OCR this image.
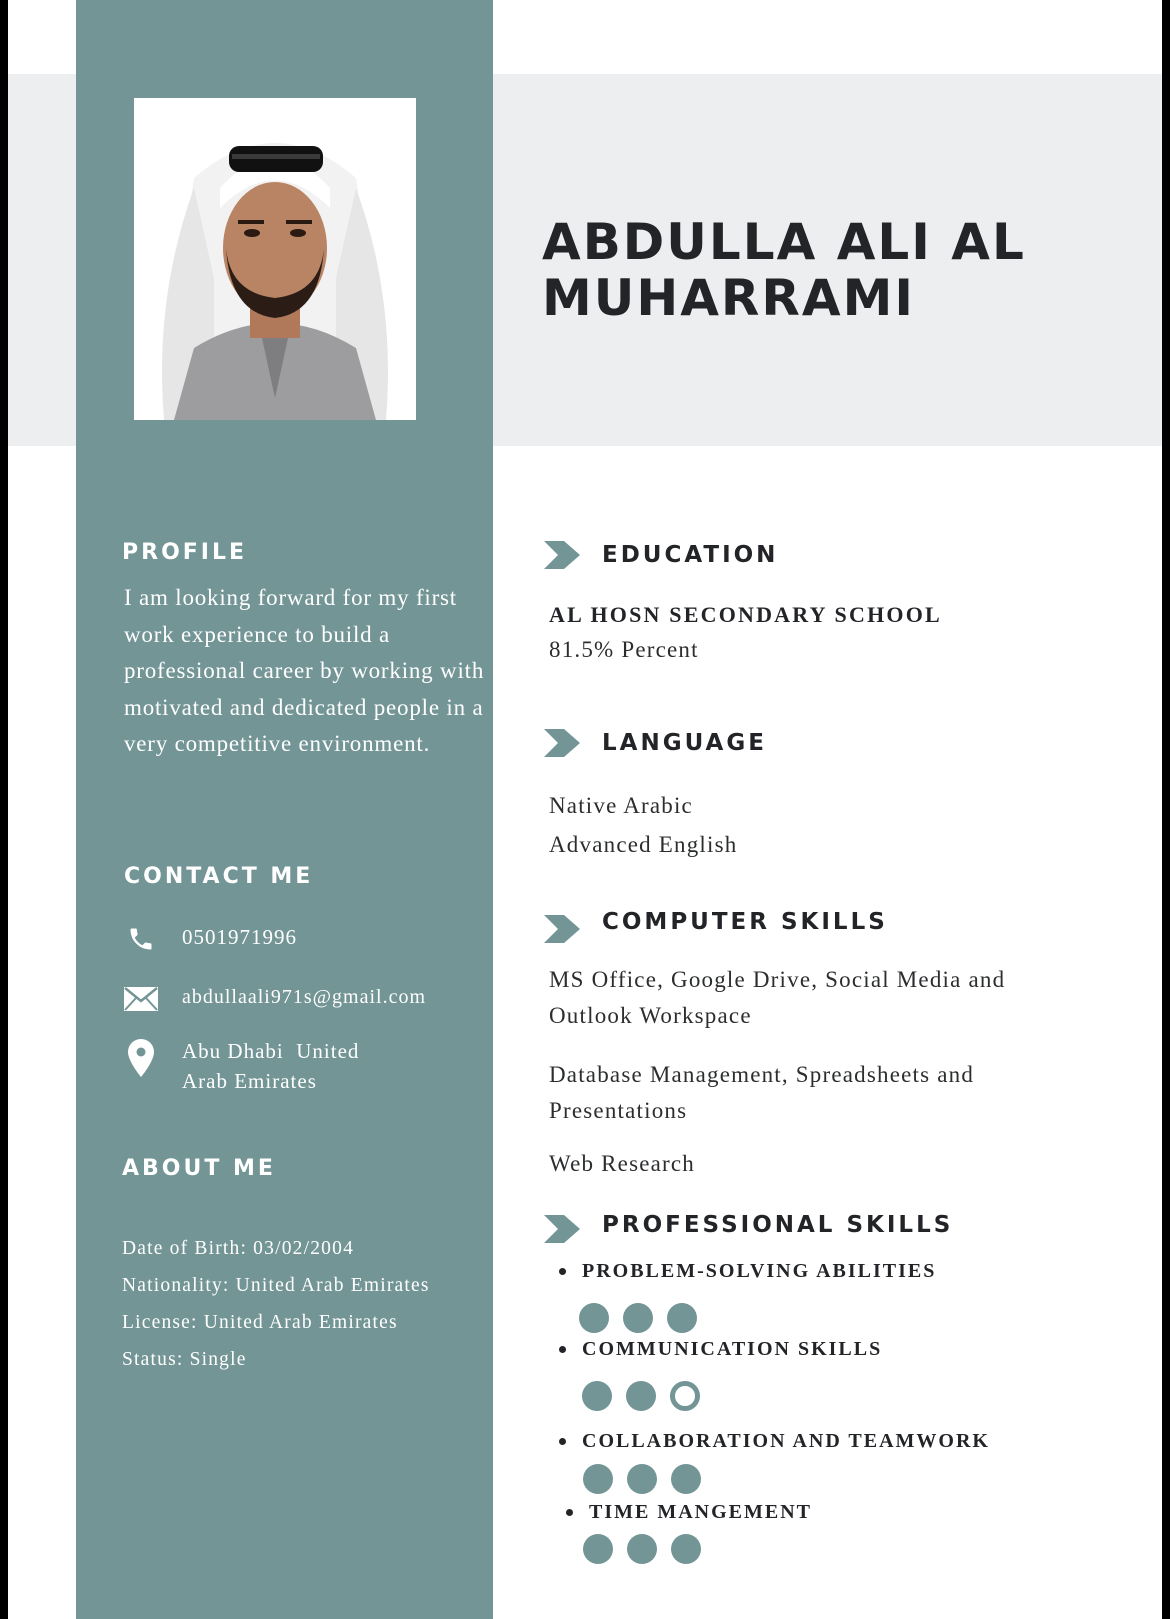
ABDULLA ALI AL MUHARRAMI
PROFILE

I am looking forward for my first work experience to build a professional career by working with motivated and dedicated people in a very competitive environment.

CONTACT ME
0501971996
abdullaali971s@gmail.com
Abu Dhabi  United
Arab Emirates
ABOUT ME
Date of Birth: 03/02/2004
Nationality: United Arab Emirates
License: United Arab Emirates
Status: Single
EDUCATION
AL HOSN SECONDARY SCHOOL

81.5% Percent

LANGUAGE

Native Arabic
Advanced English

COMPUTER SKILLS

MS Office, Google Drive, Social Media and Outlook Workspace

Database Management, Spreadsheets and Presentations

Web Research

PROFESSIONAL SKILLS
PROBLEM-SOLVING ABILITIES
COMMUNICATION SKILLS
COLLABORATION AND TEAMWORK
TIME MANGEMENT
